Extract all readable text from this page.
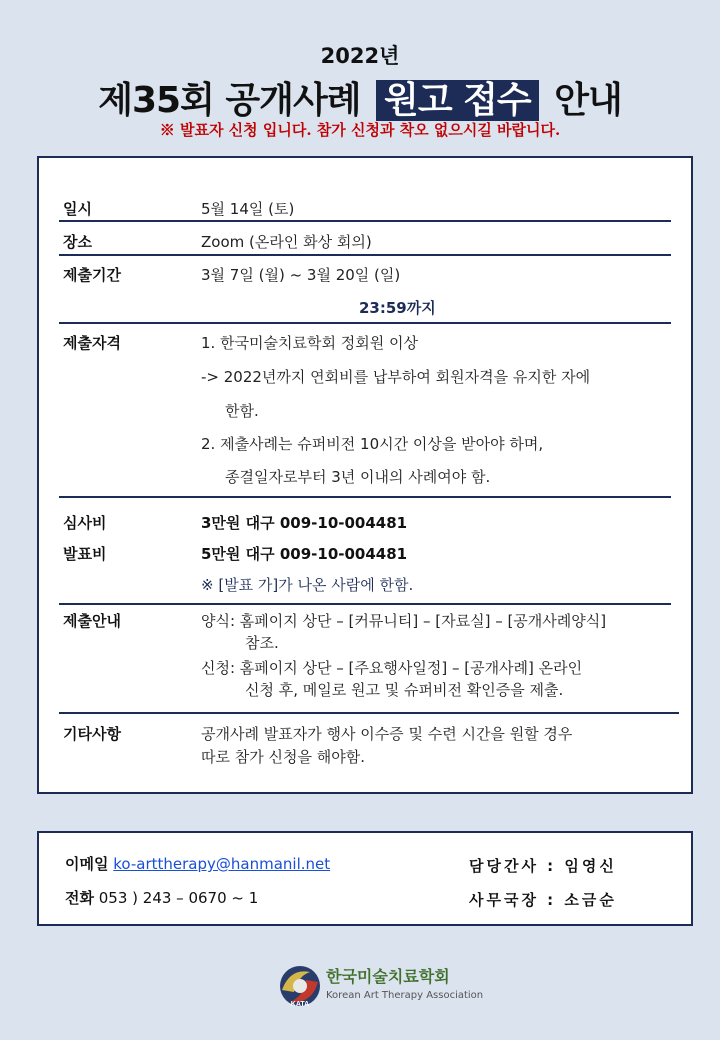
2022년
제35회 공개사례 원고 접수 안내
※ 발표자 신청 입니다. 참가 신청과 착오 없으시길 바랍니다.
일시	5월 14일 (토)
장소	Zoom (온라인 화상 회의)
제출기간	3월 7일 (월) ~ 3월 20일 (일)
23:59까지
제출자격	1. 한국미술치료학회 정회원 이상
-> 2022년까지 연회비를 납부하여 회원자격을 유지한 자에
한함.
2. 제출사례는 슈퍼비전 10시간 이상을 받아야 하며,
종결일자로부터 3년 이내의 사례여야 함.
심사비	3만원 대구 009-10-004481
발표비	5만원 대구 009-10-004481
※ [발표 가]가 나온 사람에 한함.
제출안내	양식: 홈페이지 상단 – [커뮤니티] – [자료실] – [공개사례양식]
참조.
신청: 홈페이지 상단 – [주요행사일정] – [공개사례] 온라인
신청 후, 메일로 원고 및 슈퍼비전 확인증을 제출.
기타사항	공개사례 발표자가 행사 이수증 및 수련 시간을 원할 경우
따로 참가 신청을 해야함.
이메일 ko-arttherapy@hanmanil.net
전화 053 ) 243 – 0670 ~ 1
담당간사 : 임영신
사무국장 : 소금순
KATA
한국미술치료학회
Korean Art Therapy Association
